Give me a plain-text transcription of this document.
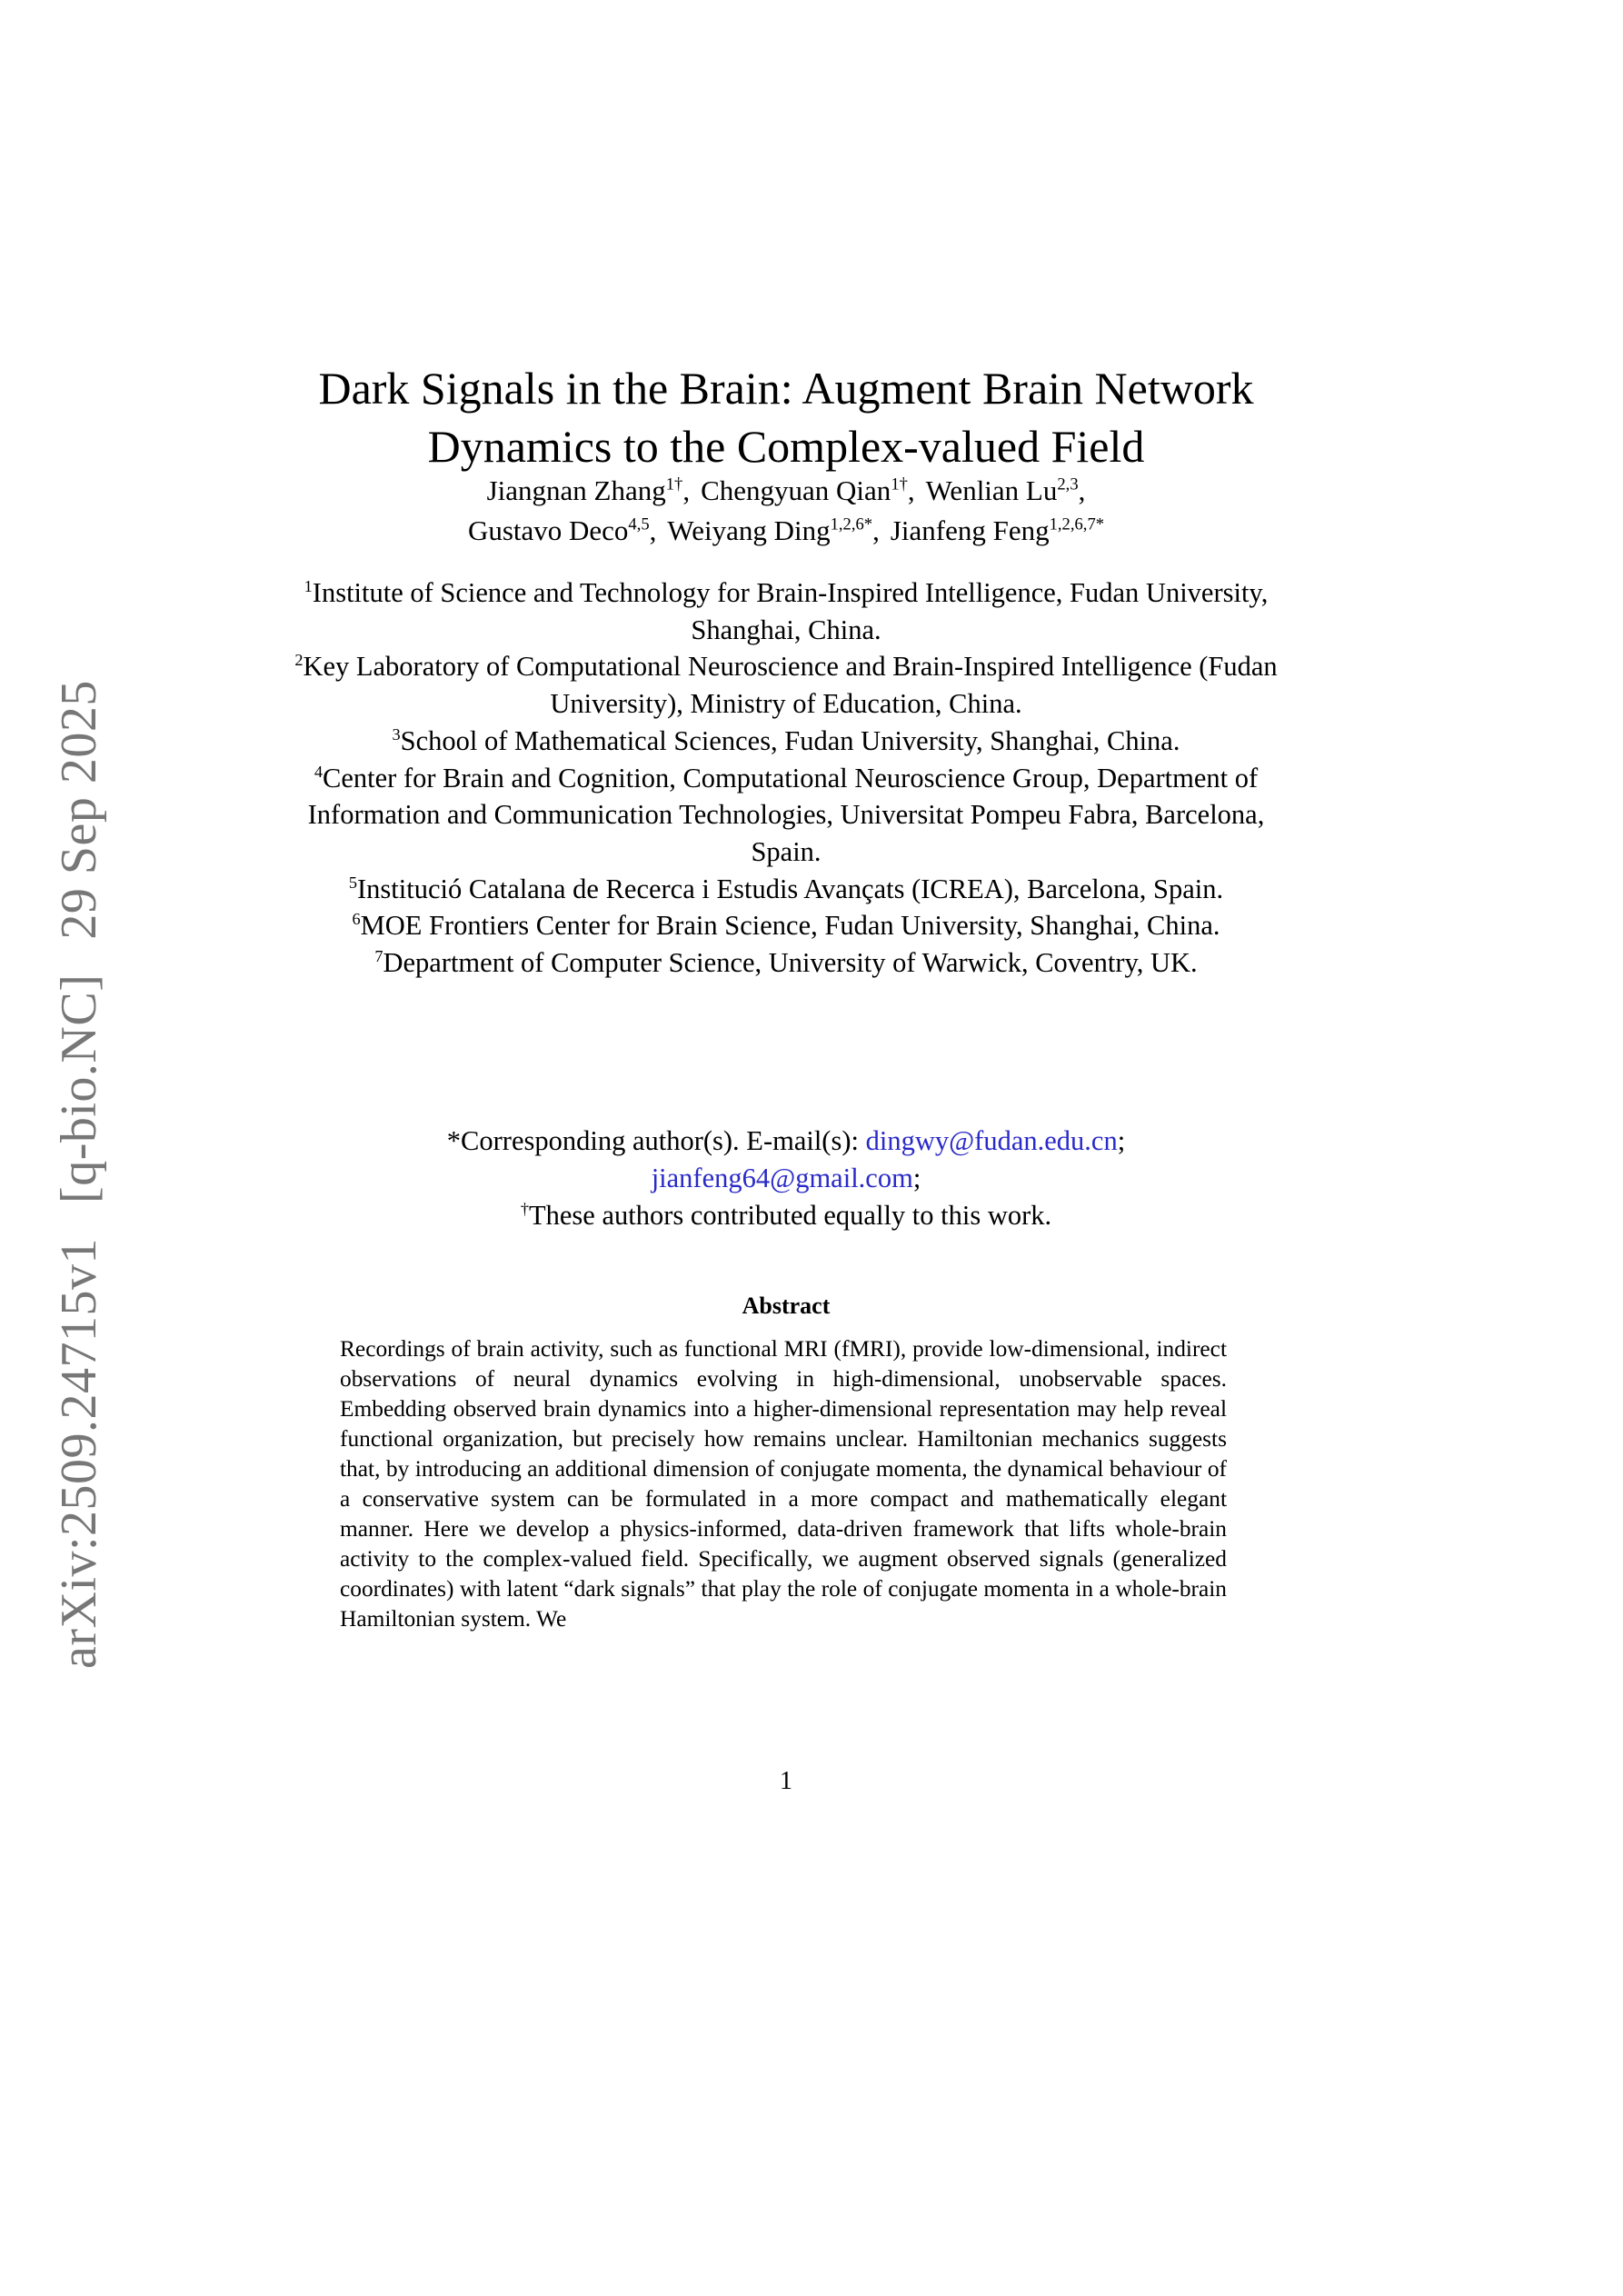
arXiv:2509.24715v1[q-bio.NC]29 Sep 2025
Dark Signals in the Brain: Augment Brain Network Dynamics to the Complex-valued Field
Jiangnan Zhang$^{1\dagger}$, Chengyuan Qian$^{1\dagger}$, Wenlian Lu$^{2,3}$,
Gustavo Deco$^{4,5}$, Weiyang Ding$^{1,2,6*}$, Jianfeng Feng$^{1,2,6,7*}$

$^1$Institute of Science and Technology for Brain-Inspired Intelligence, Fudan University, Shanghai, China.

$^2$Key Laboratory of Computational Neuroscience and Brain-Inspired Intelligence (Fudan University), Ministry of Education, China.

$^3$School of Mathematical Sciences, Fudan University, Shanghai, China.

$^4$Center for Brain and Cognition, Computational Neuroscience Group, Department of Information and Communication Technologies, Universitat Pompeu Fabra, Barcelona, Spain.

$^5$Institució Catalana de Recerca i Estudis Avançats (ICREA), Barcelona, Spain.

$^6$MOE Frontiers Center for Brain Science, Fudan University, Shanghai, China.

$^7$Department of Computer Science, University of Warwick, Coventry, UK.

*Corresponding author(s). E-mail(s): dingwy@fudan.edu.cn;

jianfeng64@gmail.com;

†These authors contributed equally to this work.

Abstract

Recordings of brain activity, such as functional MRI (fMRI), provide low-dimensional, indirect observations of neural dynamics evolving in high-dimensional, unobservable spaces. Embedding observed brain dynamics into a higher-dimensional representation may help reveal functional organization, but precisely how remains unclear. Hamiltonian mechanics suggests that, by introducing an additional dimension of conjugate momenta, the dynamical behaviour of a conservative system can be formulated in a more compact and mathematically elegant manner. Here we develop a physics-informed, data-driven framework that lifts whole-brain activity to the complex-valued field. Specifically, we augment observed signals (generalized coordinates) with latent “dark signals” that play the role of conjugate momenta in a whole-brain Hamiltonian system. We

1
